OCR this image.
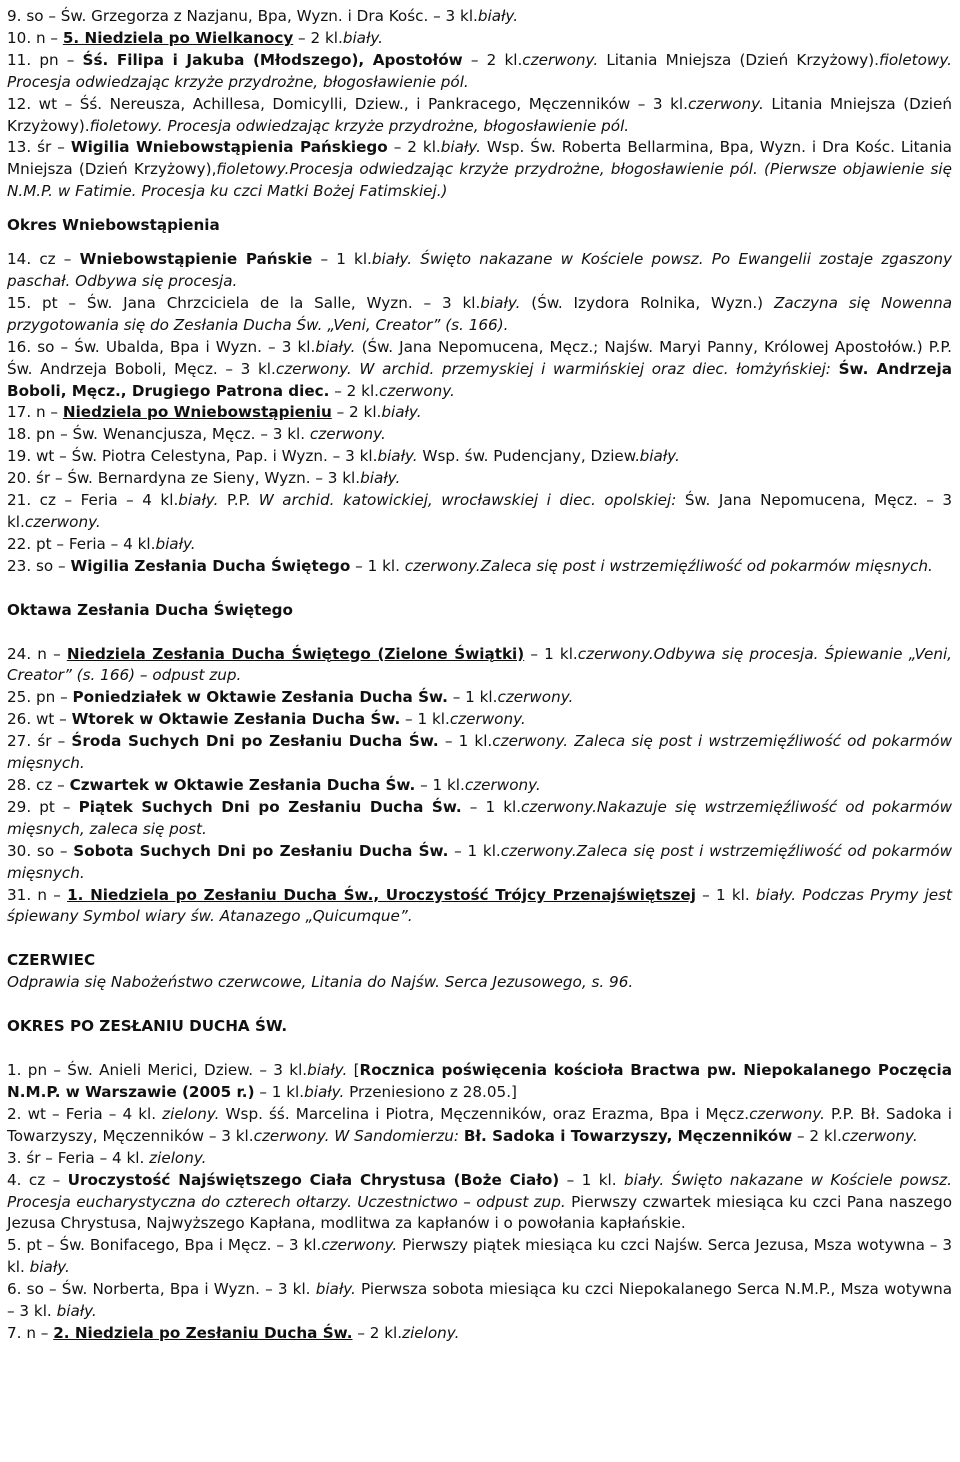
9. so – Św. Grzegorza z Nazjanu, Bpa, Wyzn. i Dra Kośc. – 3 kl.biały.
10. n – 5. Niedziela po Wielkanocy – 2 kl.biały.
11. pn – Śś. Filipa i Jakuba (Młodszego), Apostołów – 2 kl.czerwony. Litania Mniejsza (Dzień Krzyżowy).fioletowy. Procesja odwiedzając krzyże przydrożne, błogosławienie pól.
12. wt – Śś. Nereusza, Achillesa, Domicylli, Dziew., i Pankracego, Męczenników – 3 kl.czerwony. Litania Mniejsza (Dzień Krzyżowy).fioletowy. Procesja odwiedzając krzyże przydrożne, błogosławienie pól.
13. śr – Wigilia Wniebowstąpienia Pańskiego – 2 kl.biały. Wsp. Św. Roberta Bellarmina, Bpa, Wyzn. i Dra Kośc. Litania Mniejsza (Dzień Krzyżowy),fioletowy.Procesja odwiedzając krzyże przydrożne, błogosławienie pól. (Pierwsze objawienie się N.M.P. w Fatimie. Procesja ku czci Matki Bożej Fatimskiej.)
Okres Wniebowstąpienia
14. cz – Wniebowstąpienie Pańskie – 1 kl.biały. Święto nakazane w Kościele powsz. Po Ewangelii zostaje zgaszony paschał. Odbywa się procesja.
15. pt – Św. Jana Chrzciciela de la Salle, Wyzn. – 3 kl.biały. (Św. Izydora Rolnika, Wyzn.) Zaczyna się Nowenna przygotowania się do Zesłania Ducha Św. „Veni, Creator” (s. 166).
16. so – Św. Ubalda, Bpa i Wyzn. – 3 kl.biały. (Św. Jana Nepomucena, Męcz.; Najśw. Maryi Panny, Królowej Apostołów.) P.P. Św. Andrzeja Boboli, Męcz. – 3 kl.czerwony. W archid. przemyskiej i warmińskiej oraz diec. łomżyńskiej: Św. Andrzeja Boboli, Męcz., Drugiego Patrona diec. – 2 kl.czerwony.
17. n – Niedziela po Wniebowstąpieniu – 2 kl.biały.
18. pn – Św. Wenancjusza, Męcz. – 3 kl. czerwony.
19. wt – Św. Piotra Celestyna, Pap. i Wyzn. – 3 kl.biały. Wsp. św. Pudencjany, Dziew.biały.
20. śr – Św. Bernardyna ze Sieny, Wyzn. – 3 kl.biały.
21. cz – Feria – 4 kl.biały. P.P. W archid. katowickiej, wrocławskiej i diec. opolskiej: Św. Jana Nepomucena, Męcz. – 3 kl.czerwony.
22. pt – Feria – 4 kl.biały.
23. so – Wigilia Zesłania Ducha Świętego – 1 kl. czerwony.Zaleca się post i wstrzemięźliwość od pokarmów mięsnych.
Oktawa Zesłania Ducha Świętego
24. n – Niedziela Zesłania Ducha Świętego (Zielone Świątki) – 1 kl.czerwony.Odbywa się procesja. Śpiewanie „Veni, Creator” (s. 166) – odpust zup.
25. pn – Poniedziałek w Oktawie Zesłania Ducha Św. – 1 kl.czerwony.
26. wt – Wtorek w Oktawie Zesłania Ducha Św. – 1 kl.czerwony.
27. śr – Środa Suchych Dni po Zesłaniu Ducha Św. – 1 kl.czerwony. Zaleca się post i wstrzemięźliwość od pokarmów mięsnych.
28. cz – Czwartek w Oktawie Zesłania Ducha Św. – 1 kl.czerwony.
29. pt – Piątek Suchych Dni po Zesłaniu Ducha Św. – 1 kl.czerwony.Nakazuje się wstrzemięźliwość od pokarmów mięsnych, zaleca się post.
30. so – Sobota Suchych Dni po Zesłaniu Ducha Św. – 1 kl.czerwony.Zaleca się post i wstrzemięźliwość od pokarmów mięsnych.
31. n – 1. Niedziela po Zesłaniu Ducha Św., Uroczystość Trójcy Przenajświętszej – 1 kl. biały. Podczas Prymy jest śpiewany Symbol wiary św. Atanazego „Quicumque”.
CZERWIEC
Odprawia się Nabożeństwo czerwcowe, Litania do Najśw. Serca Jezusowego, s. 96.
OKRES PO ZESŁANIU DUCHA ŚW.
1. pn – Św. Anieli Merici, Dziew. – 3 kl.biały. [Rocznica poświęcenia kościoła Bractwa pw. Niepokalanego Poczęcia N.M.P. w Warszawie (2005 r.) – 1 kl.biały. Przeniesiono z 28.05.]
2. wt – Feria – 4 kl. zielony. Wsp. śś. Marcelina i Piotra, Męczenników, oraz Erazma, Bpa i Męcz.czerwony. P.P. Bł. Sadoka i Towarzyszy, Męczenników – 3 kl.czerwony. W Sandomierzu: Bł. Sadoka i Towarzyszy, Męczenników – 2 kl.czerwony.
3. śr – Feria – 4 kl. zielony.
4. cz – Uroczystość Najświętszego Ciała Chrystusa (Boże Ciało) – 1 kl. biały. Święto nakazane w Kościele powsz. Procesja eucharystyczna do czterech ołtarzy. Uczestnictwo – odpust zup. Pierwszy czwartek miesiąca ku czci Pana naszego Jezusa Chrystusa, Najwyższego Kapłana, modlitwa za kapłanów i o powołania kapłańskie.
5. pt – Św. Bonifacego, Bpa i Męcz. – 3 kl.czerwony. Pierwszy piątek miesiąca ku czci Najśw. Serca Jezusa, Msza wotywna – 3 kl. biały.
6. so – Św. Norberta, Bpa i Wyzn. – 3 kl. biały. Pierwsza sobota miesiąca ku czci Niepokalanego Serca N.M.P., Msza wotywna – 3 kl. biały.
7. n – 2. Niedziela po Zesłaniu Ducha Św. – 2 kl.zielony.
